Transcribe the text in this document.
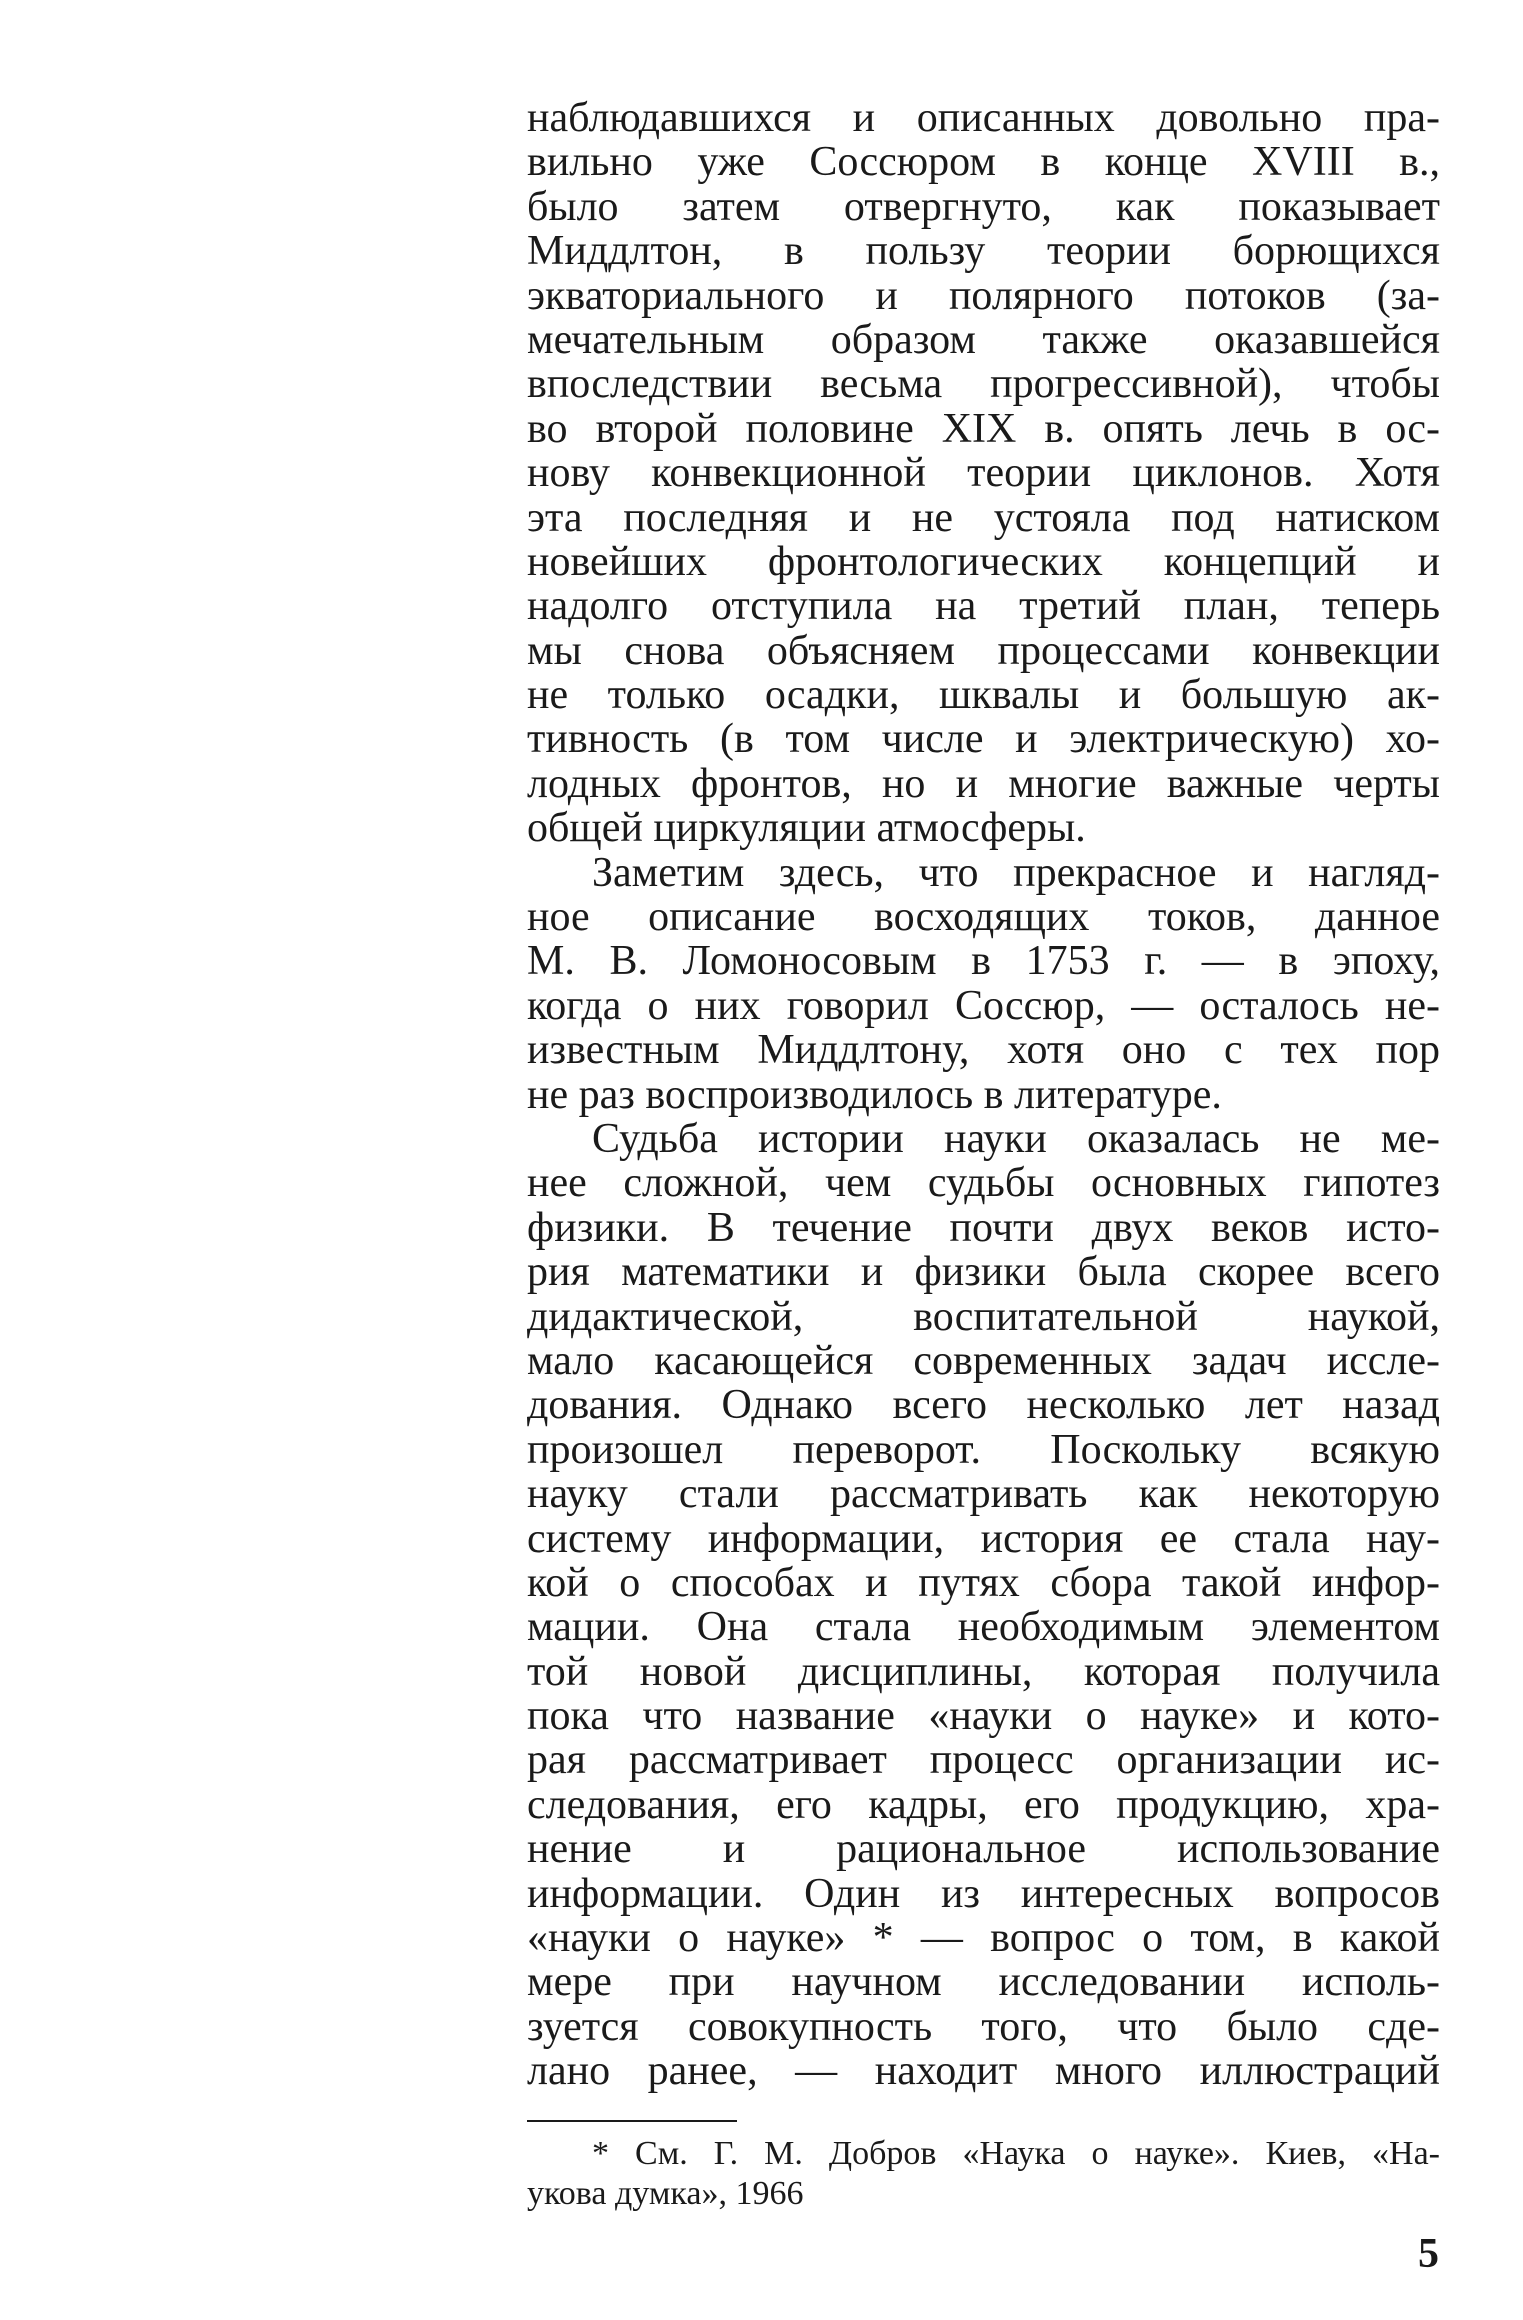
наблюдавшихся и описанных довольно пра-
вильно уже Соссюром в конце XVIII в.,
было затем отвергнуто, как показывает
Миддлтон, в пользу теории борющихся
экваториального и полярного потоков (за-
мечательным образом также оказавшейся
впоследствии весьма прогрессивной), чтобы
во второй половине XIX в. опять лечь в ос-
нову конвекционной теории циклонов. Хотя
эта последняя и не устояла под натиском
новейших фронтологических концепций и
надолго отступила на третий план, теперь
мы снова объясняем процессами конвекции
не только осадки, шквалы и большую ак-
тивность (в том числе и электрическую) хо-
лодных фронтов, но и многие важные черты
общей циркуляции атмосферы.
Заметим здесь, что прекрасное и нагляд-
ное описание восходящих токов, данное
М. В. Ломоносовым в 1753 г. — в эпоху,
когда о них говорил Соссюр, — осталось не-
известным Миддлтону, хотя оно с тех пор
не раз воспроизводилось в литературе.
Судьба истории науки оказалась не ме-
нее сложной, чем судьбы основных гипотез
физики. В течение почти двух веков исто-
рия математики и физики была скорее всего
дидактической, воспитательной наукой,
мало касающейся современных задач иссле-
дования. Однако всего несколько лет назад
произошел переворот. Поскольку всякую
науку стали рассматривать как некоторую
систему информации, история ее стала нау-
кой о способах и путях сбора такой инфор-
мации. Она стала необходимым элементом
той новой дисциплины, которая получила
пока что название «науки о науке» и кото-
рая рассматривает процесс организации ис-
следования, его кадры, его продукцию, хра-
нение и рациональное использование
информации. Один из интересных вопросов
«науки о науке» * — вопрос о том, в какой
мере при научном исследовании исполь-
зуется совокупность того, что было сде-
лано ранее, — находит много иллюстраций
* См. Г. М. Добров «Наука о науке». Киев, «На-
укова думка», 1966
5
